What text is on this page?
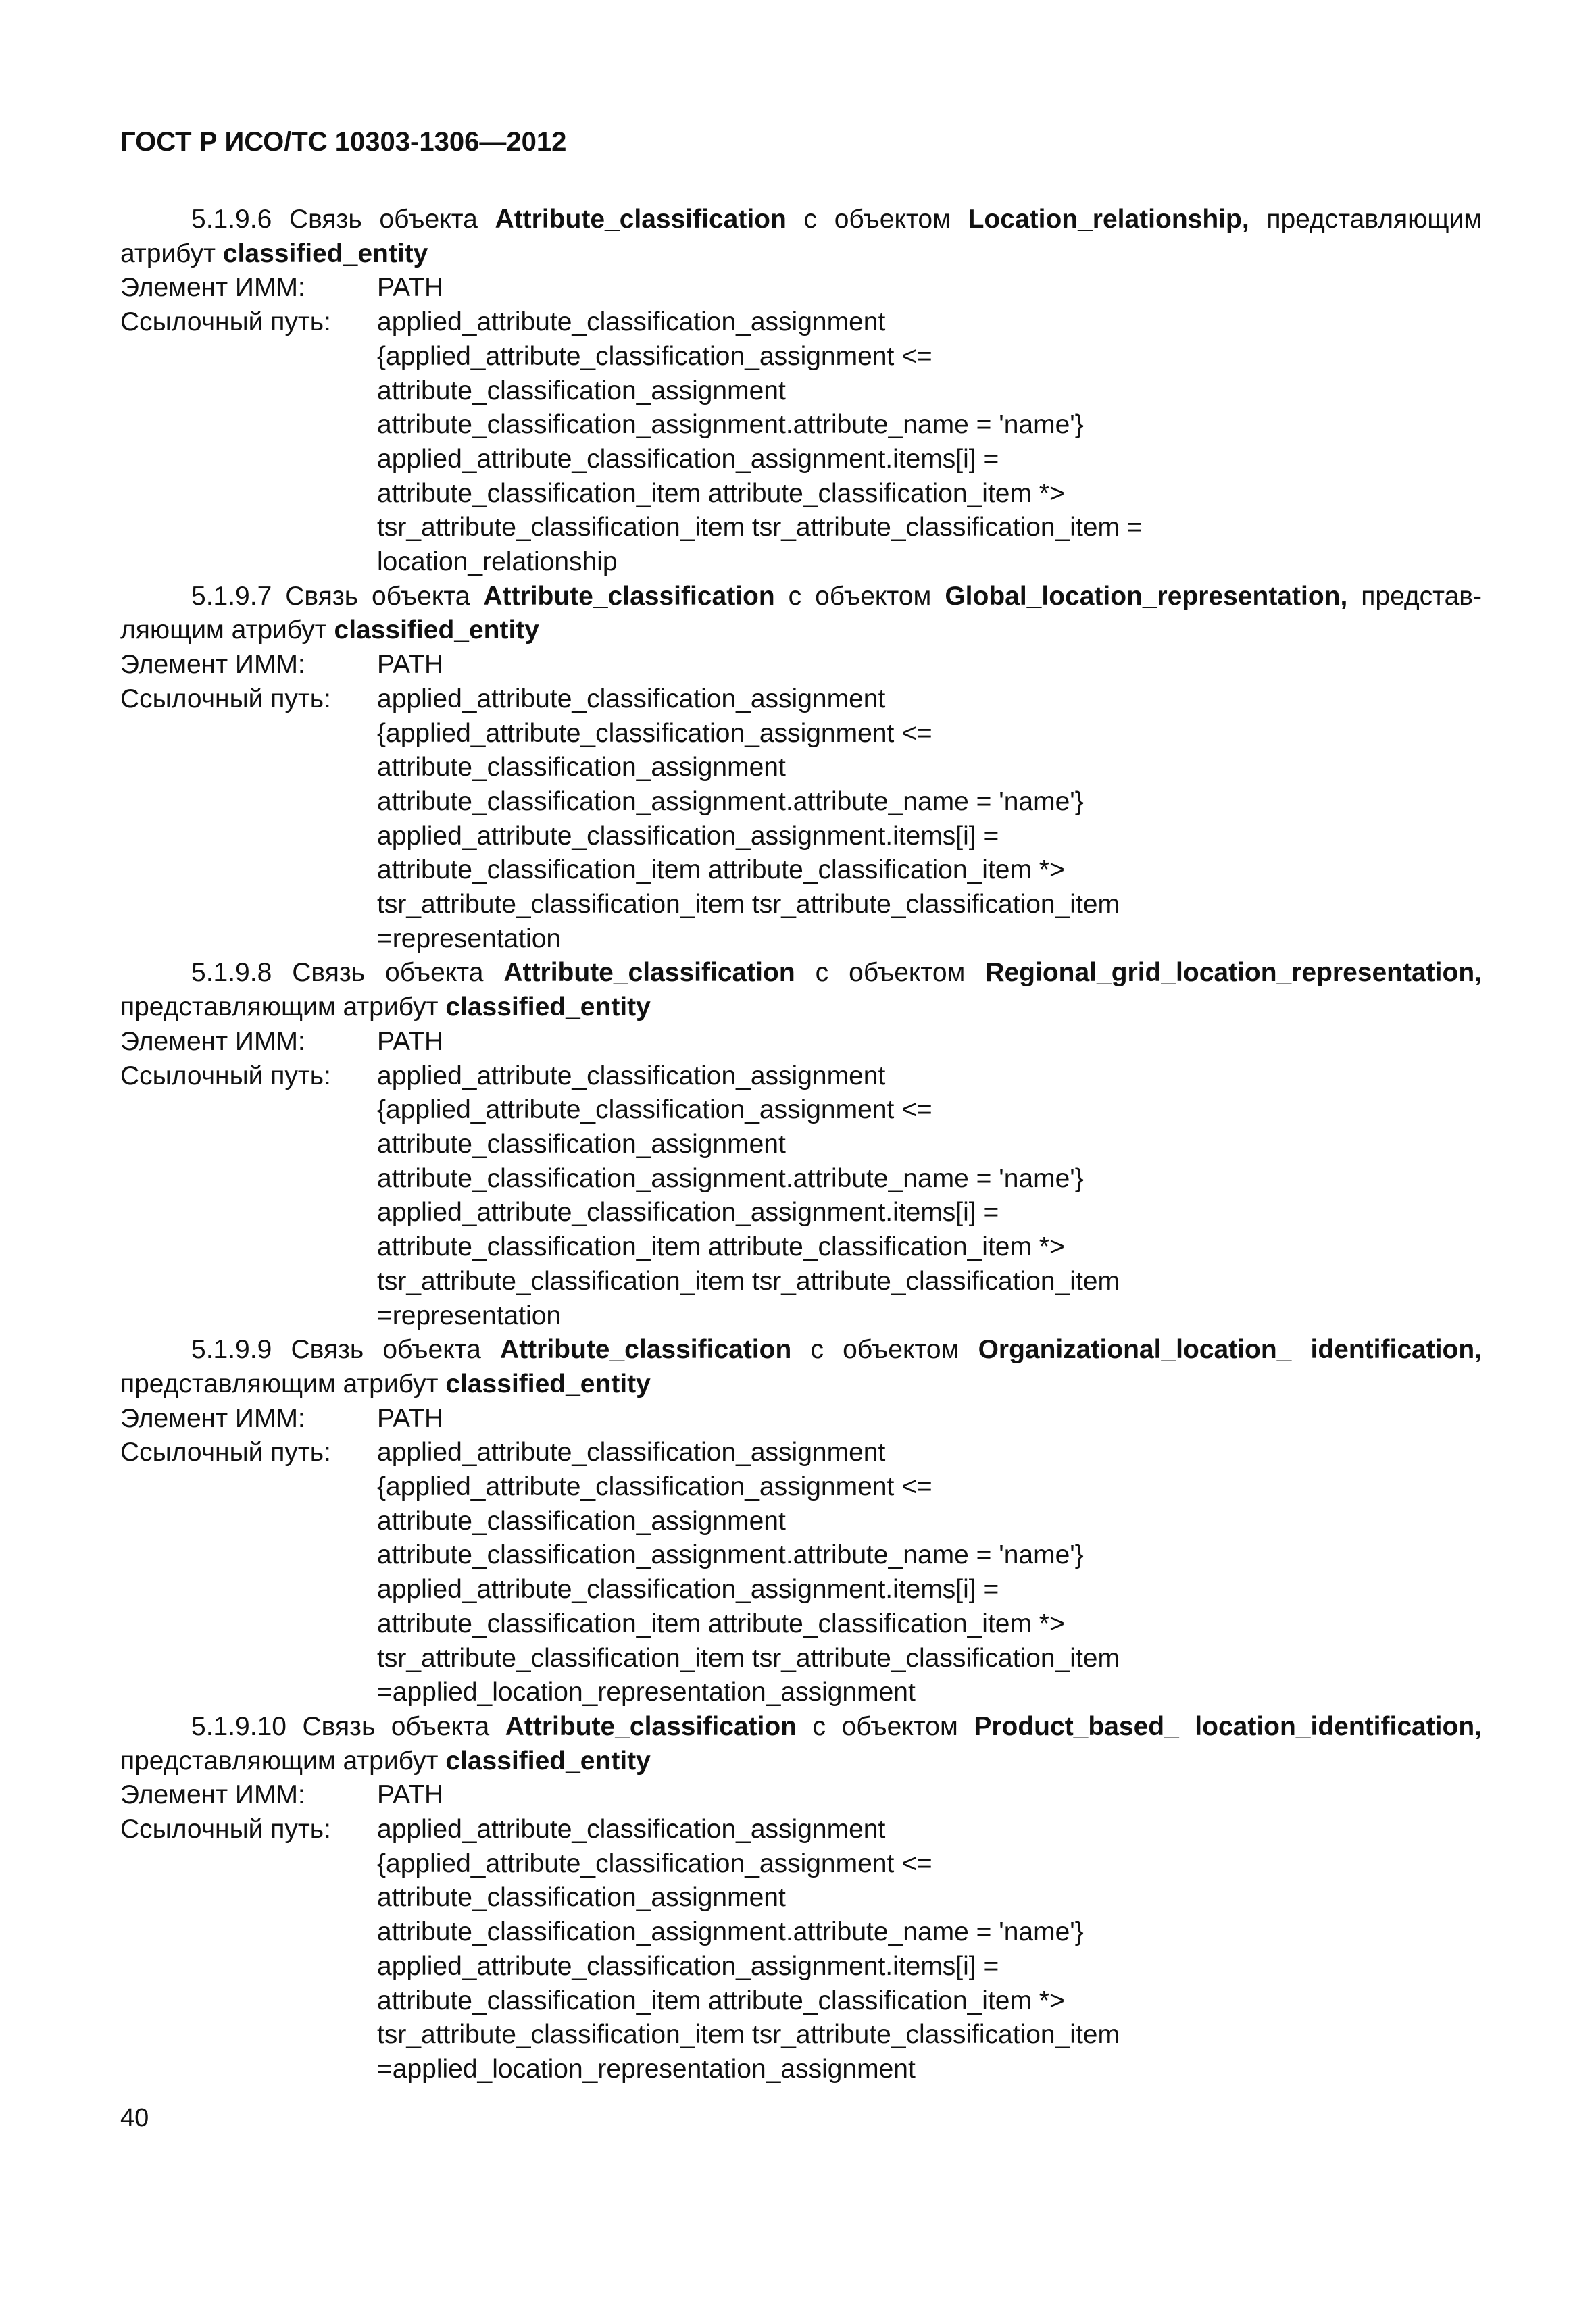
ГОСТ Р ИСО/ТС 10303-1306—2012

5.1.9.6 Связь объекта Attribute_classification с объектом Location_relationship, представляющим атрибут classified_entity

Элемент ИММ:	PATH
Ссылочный путь:	applied_attribute_classification_assignment
{applied_attribute_classification_assignment <=
attribute_classification_assignment
attribute_classification_assignment.attribute_name = 'name'}
applied_attribute_classification_assignment.items[i] =
attribute_classification_item attribute_classification_item *>
tsr_attribute_classification_item tsr_attribute_classification_item =
location_relationship

5.1.9.7 Связь объекта Attribute_classification с объектом Global_location_representation, представляющим атрибут classified_entity

Элемент ИММ:	PATH
Ссылочный путь:	applied_attribute_classification_assignment
{applied_attribute_classification_assignment <=
attribute_classification_assignment
attribute_classification_assignment.attribute_name = 'name'}
applied_attribute_classification_assignment.items[i] =
attribute_classification_item attribute_classification_item *>
tsr_attribute_classification_item tsr_attribute_classification_item
=representation

5.1.9.8 Связь объекта Attribute_classification с объектом Regional_grid_location_representation, представляющим атрибут classified_entity

Элемент ИММ:	PATH
Ссылочный путь:	applied_attribute_classification_assignment
{applied_attribute_classification_assignment <=
attribute_classification_assignment
attribute_classification_assignment.attribute_name = 'name'}
applied_attribute_classification_assignment.items[i] =
attribute_classification_item attribute_classification_item *>
tsr_attribute_classification_item tsr_attribute_classification_item
=representation

5.1.9.9 Связь объекта Attribute_classification с объектом Organizational_location_ identification, представляющим атрибут classified_entity

Элемент ИММ:	PATH
Ссылочный путь:	applied_attribute_classification_assignment
{applied_attribute_classification_assignment <=
attribute_classification_assignment
attribute_classification_assignment.attribute_name = 'name'}
applied_attribute_classification_assignment.items[i] =
attribute_classification_item attribute_classification_item *>
tsr_attribute_classification_item tsr_attribute_classification_item
=applied_location_representation_assignment

5.1.9.10 Связь объекта Attribute_classification с объектом Product_based_ location_identification, представляющим атрибут classified_entity

Элемент ИММ:	PATH
Ссылочный путь:	applied_attribute_classification_assignment
{applied_attribute_classification_assignment <=
attribute_classification_assignment
attribute_classification_assignment.attribute_name = 'name'}
applied_attribute_classification_assignment.items[i] =
attribute_classification_item attribute_classification_item *>
tsr_attribute_classification_item tsr_attribute_classification_item
=applied_location_representation_assignment

40
